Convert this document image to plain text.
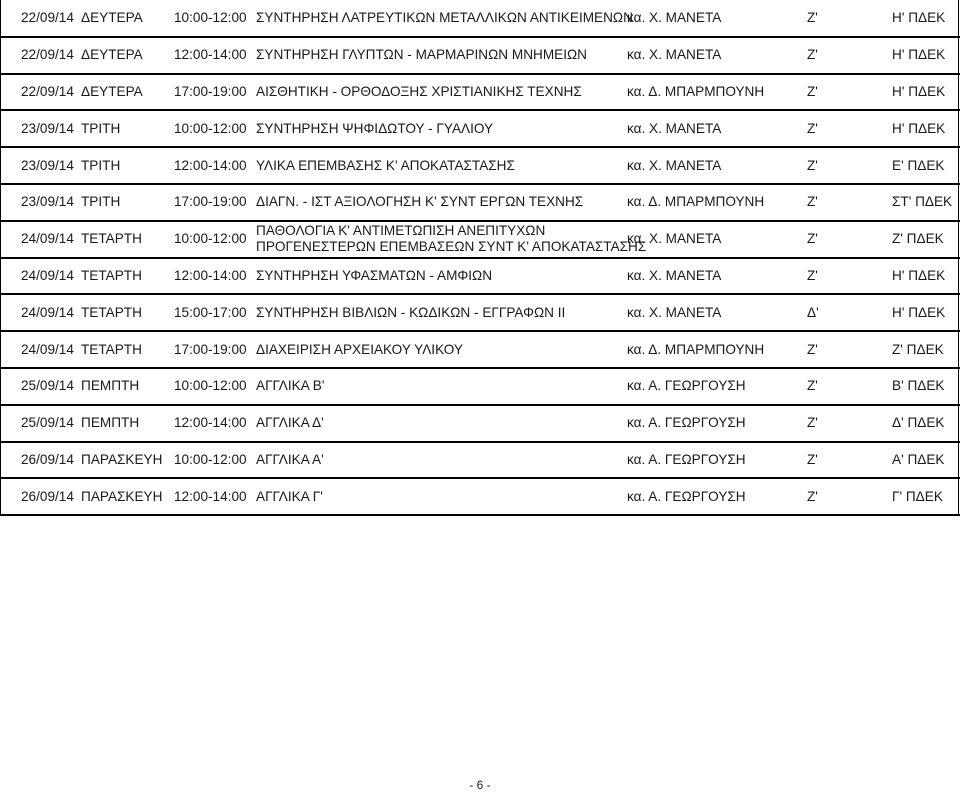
22/09/14	ΔΕΥΤΕΡΑ	10:00-12:00	ΣΥΝΤΗΡΗΣΗ ΛΑΤΡΕΥΤΙΚΩΝ ΜΕΤΑΛΛΙΚΩΝ ΑΝΤΙΚΕΙΜΕΝΩΝ	κα. Χ. ΜΑΝΕΤΑ	Ζ'	Η' ΠΔΕΚ
22/09/14	ΔΕΥΤΕΡΑ	12:00-14:00	ΣΥΝΤΗΡΗΣΗ ΓΛΥΠΤΩΝ - ΜΑΡΜΑΡΙΝΩΝ ΜΝΗΜΕΙΩΝ	κα. Χ. ΜΑΝΕΤΑ	Ζ'	Η' ΠΔΕΚ
22/09/14	ΔΕΥΤΕΡΑ	17:00-19:00	ΑΙΣΘΗΤΙΚΗ - ΟΡΘΟΔΟΞΗΣ ΧΡΙΣΤΙΑΝΙΚΗΣ ΤΕΧΝΗΣ	κα. Δ. ΜΠΑΡΜΠΟΥΝΗ	Ζ'	Η' ΠΔΕΚ
23/09/14	ΤΡΙΤΗ	10:00-12:00	ΣΥΝΤΗΡΗΣΗ ΨΗΦΙΔΩΤΟΥ - ΓΥΑΛΙΟΥ	κα. Χ. ΜΑΝΕΤΑ	Ζ'	Η' ΠΔΕΚ
23/09/14	ΤΡΙΤΗ	12:00-14:00	ΥΛΙΚΑ ΕΠΕΜΒΑΣΗΣ Κ' ΑΠΟΚΑΤΑΣΤΑΣΗΣ	κα. Χ. ΜΑΝΕΤΑ	Ζ'	Ε' ΠΔΕΚ
23/09/14	ΤΡΙΤΗ	17:00-19:00	ΔΙΑΓΝ. - ΙΣΤ ΑΞΙΟΛΟΓΗΣΗ Κ' ΣΥΝΤ ΕΡΓΩΝ ΤΕΧΝΗΣ	κα. Δ. ΜΠΑΡΜΠΟΥΝΗ	Ζ'	ΣΤ' ΠΔΕΚ
24/09/14	ΤΕΤΑΡΤΗ	10:00-12:00	ΠΑΘΟΛΟΓΙΑ Κ' ΑΝΤΙΜΕΤΩΠΙΣΗ ΑΝΕΠΙΤΥΧΩΝ
ΠΡΟΓΕΝΕΣΤΕΡΩΝ ΕΠΕΜΒΑΣΕΩΝ ΣΥΝΤ Κ' ΑΠΟΚΑΤΑΣΤΑΣΗΣ	κα. Χ. ΜΑΝΕΤΑ	Ζ'	Ζ' ΠΔΕΚ
24/09/14	ΤΕΤΑΡΤΗ	12:00-14:00	ΣΥΝΤΗΡΗΣΗ ΥΦΑΣΜΑΤΩΝ - ΑΜΦΙΩΝ	κα. Χ. ΜΑΝΕΤΑ	Ζ'	Η' ΠΔΕΚ
24/09/14	ΤΕΤΑΡΤΗ	15:00-17:00	ΣΥΝΤΗΡΗΣΗ ΒΙΒΛΙΩΝ - ΚΩΔΙΚΩΝ - ΕΓΓΡΑΦΩΝ ΙΙ	κα. Χ. ΜΑΝΕΤΑ	Δ'	Η' ΠΔΕΚ
24/09/14	ΤΕΤΑΡΤΗ	17:00-19:00	ΔΙΑΧΕΙΡΙΣΗ ΑΡΧΕΙΑΚΟΥ ΥΛΙΚΟΥ	κα. Δ. ΜΠΑΡΜΠΟΥΝΗ	Ζ'	Ζ' ΠΔΕΚ
25/09/14	ΠΕΜΠΤΗ	10:00-12:00	ΑΓΓΛΙΚΑ Β'	κα. Α. ΓΕΩΡΓΟΥΣΗ	Ζ'	Β' ΠΔΕΚ
25/09/14	ΠΕΜΠΤΗ	12:00-14:00	ΑΓΓΛΙΚΑ Δ'	κα. Α. ΓΕΩΡΓΟΥΣΗ	Ζ'	Δ' ΠΔΕΚ
26/09/14	ΠΑΡΑΣΚΕΥΗ	10:00-12:00	ΑΓΓΛΙΚΑ Α'	κα. Α. ΓΕΩΡΓΟΥΣΗ	Ζ'	Α' ΠΔΕΚ
26/09/14	ΠΑΡΑΣΚΕΥΗ	12:00-14:00	ΑΓΓΛΙΚΑ Γ'	κα. Α. ΓΕΩΡΓΟΥΣΗ	Ζ'	Γ' ΠΔΕΚ
- 6 -
